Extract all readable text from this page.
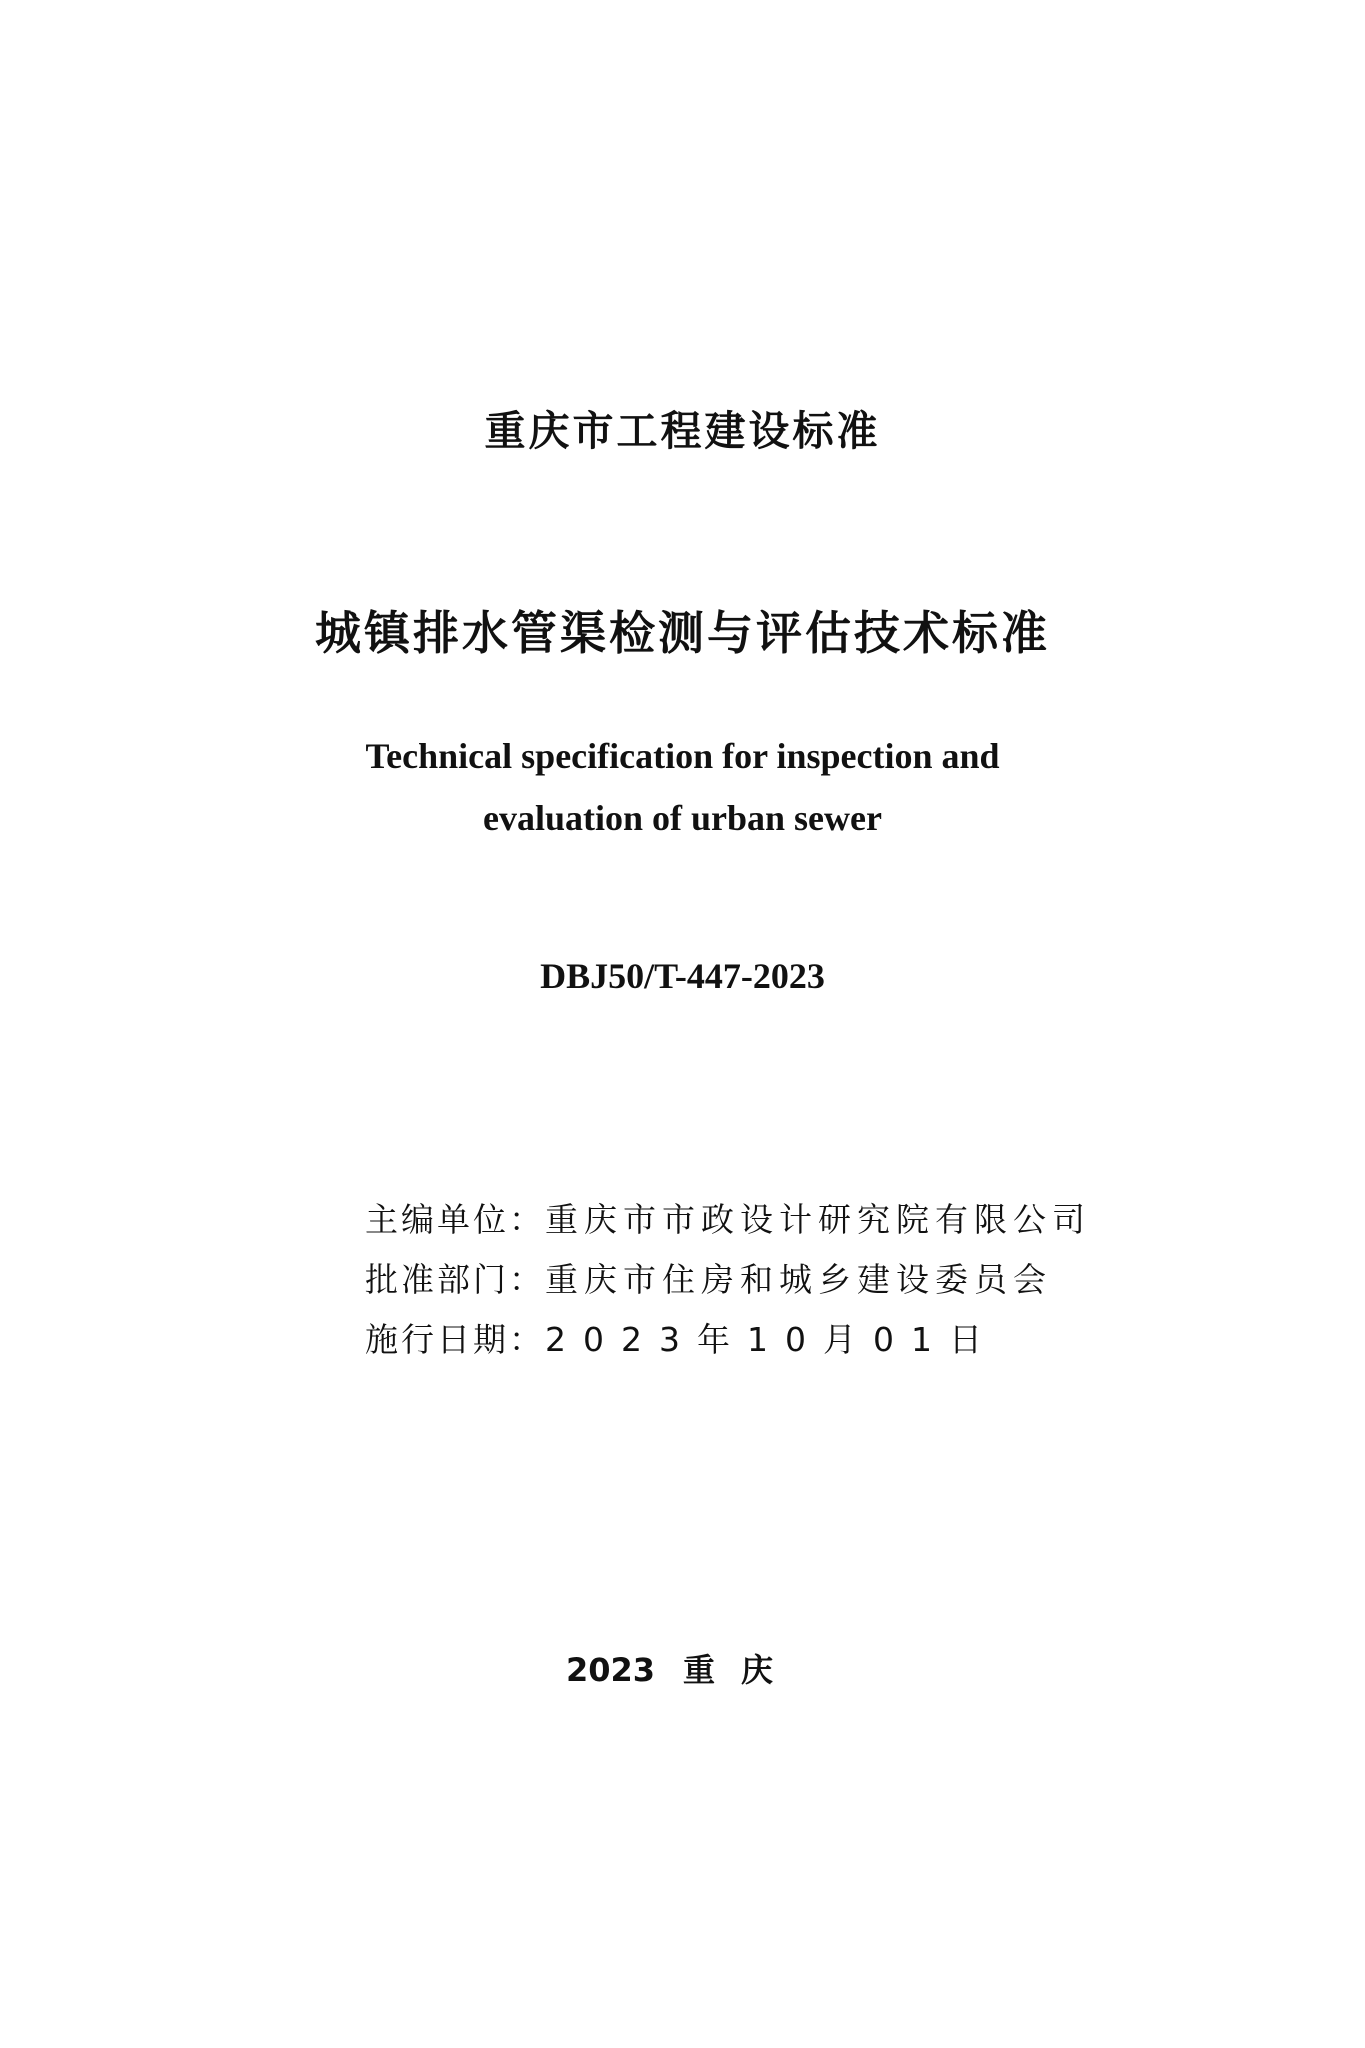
重庆市工程建设标准
城镇排水管渠检测与评估技术标准
Technical specification for inspection and
evaluation of urban sewer
DBJ50/T-447-2023
主编单位：重庆市市政设计研究院有限公司
批准部门：重庆市住房和城乡建设委员会
施行日期：2023年10月01日
2023 重庆
